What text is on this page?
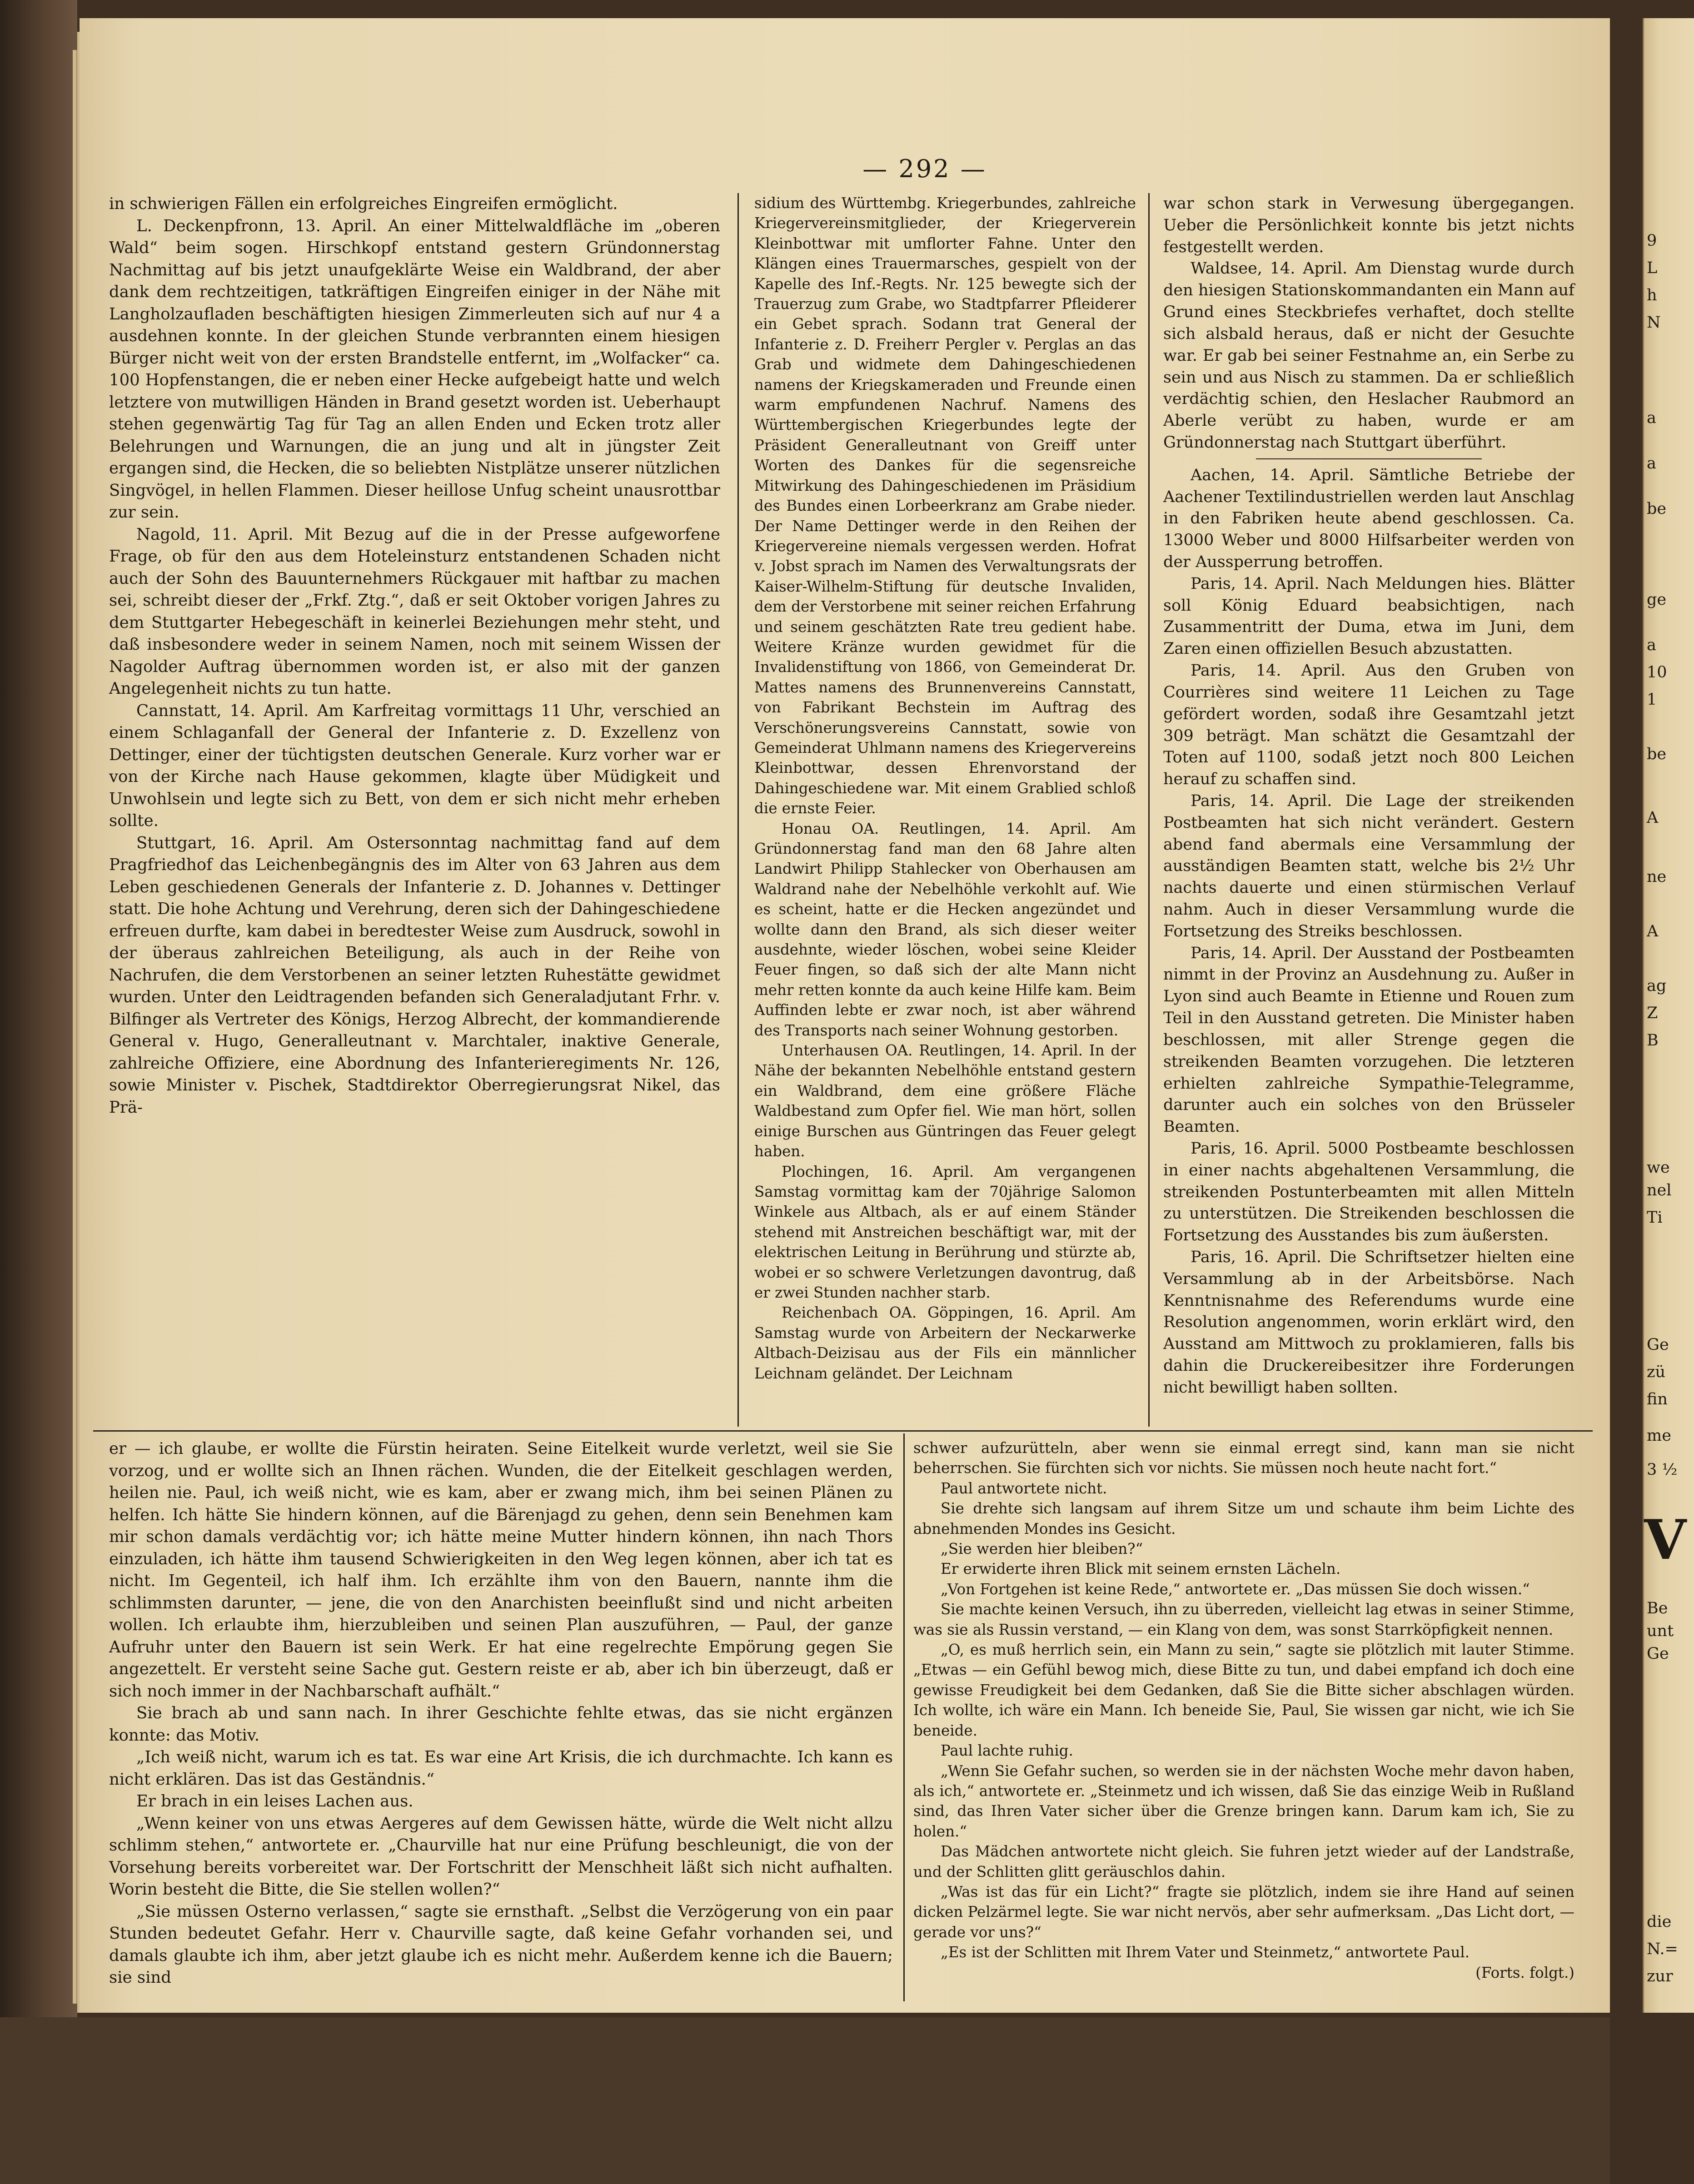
— 292 —

in schwierigen Fällen ein erfolgreiches Eingreifen ermöglicht.

L. Deckenpfronn, 13. April. An einer Mittelwaldfläche im „oberen Wald“ beim sogen. Hirschkopf entstand gestern Gründonnerstag Nachmittag auf bis jetzt unaufgeklärte Weise ein Waldbrand, der aber dank dem rechtzeitigen, tatkräftigen Eingreifen einiger in der Nähe mit Langholzaufladen beschäftigten hiesigen Zimmerleuten sich auf nur 4 a ausdehnen konnte. In der gleichen Stunde verbrannten einem hiesigen Bürger nicht weit von der ersten Brandstelle entfernt, im „Wolfacker“ ca. 100 Hopfenstangen, die er neben einer Hecke aufgebeigt hatte und welch letztere von mutwilligen Händen in Brand gesetzt worden ist. Ueberhaupt stehen gegenwärtig Tag für Tag an allen Enden und Ecken trotz aller Belehrungen und Warnungen, die an jung und alt in jüngster Zeit ergangen sind, die Hecken, die so beliebten Nistplätze unserer nützlichen Singvögel, in hellen Flammen. Dieser heillose Unfug scheint unausrottbar zur sein.

Nagold, 11. April. Mit Bezug auf die in der Presse aufgeworfene Frage, ob für den aus dem Hoteleinsturz entstandenen Schaden nicht auch der Sohn des Bauunternehmers Rückgauer mit haftbar zu machen sei, schreibt dieser der „Frkf. Ztg.“, daß er seit Oktober vorigen Jahres zu dem Stuttgarter Hebegeschäft in keinerlei Beziehungen mehr steht, und daß insbesondere weder in seinem Namen, noch mit seinem Wissen der Nagolder Auftrag übernommen worden ist, er also mit der ganzen Angelegenheit nichts zu tun hatte.

Cannstatt, 14. April. Am Karfreitag vormittags 11 Uhr, verschied an einem Schlaganfall der General der Infanterie z. D. Exzellenz von Dettinger, einer der tüchtigsten deutschen Generale. Kurz vorher war er von der Kirche nach Hause gekommen, klagte über Müdigkeit und Unwohlsein und legte sich zu Bett, von dem er sich nicht mehr erheben sollte.

Stuttgart, 16. April. Am Ostersonntag nachmittag fand auf dem Pragfriedhof das Leichenbegängnis des im Alter von 63 Jahren aus dem Leben geschiedenen Generals der Infanterie z. D. Johannes v. Dettinger statt. Die hohe Achtung und Verehrung, deren sich der Dahingeschiedene erfreuen durfte, kam dabei in beredtester Weise zum Ausdruck, sowohl in der überaus zahlreichen Beteiligung, als auch in der Reihe von Nachrufen, die dem Verstorbenen an seiner letzten Ruhestätte gewidmet wurden. Unter den Leidtragenden befanden sich Generaladjutant Frhr. v. Bilfinger als Vertreter des Königs, Herzog Albrecht, der kommandierende General v. Hugo, Generalleutnant v. Marchtaler, inaktive Generale, zahlreiche Offiziere, eine Abordnung des Infanterieregiments Nr. 126, sowie Minister v. Pischek, Stadtdirektor Oberregierungsrat Nikel, das Prä-

sidium des Württembg. Kriegerbundes, zahlreiche Kriegervereinsmitglieder, der Kriegerverein Kleinbottwar mit umflorter Fahne. Unter den Klängen eines Trauermarsches, gespielt von der Kapelle des Inf.-Regts. Nr. 125 bewegte sich der Trauerzug zum Grabe, wo Stadtpfarrer Pfleiderer ein Gebet sprach. Sodann trat General der Infanterie z. D. Freiherr Pergler v. Perglas an das Grab und widmete dem Dahingeschiedenen namens der Kriegskameraden und Freunde einen warm empfundenen Nachruf. Namens des Württembergischen Kriegerbundes legte der Präsident Generalleutnant von Greiff unter Worten des Dankes für die segensreiche Mitwirkung des Dahingeschiedenen im Präsidium des Bundes einen Lorbeerkranz am Grabe nieder. Der Name Dettinger werde in den Reihen der Kriegervereine niemals vergessen werden. Hofrat v. Jobst sprach im Namen des Verwaltungsrats der Kaiser-Wilhelm-Stiftung für deutsche Invaliden, dem der Verstorbene mit seiner reichen Erfahrung und seinem geschätzten Rate treu gedient habe. Weitere Kränze wurden gewidmet für die Invalidenstiftung von 1866, von Gemeinderat Dr. Mattes namens des Brunnenvereins Cannstatt, von Fabrikant Bechstein im Auftrag des Verschönerungsvereins Cannstatt, sowie von Gemeinderat Uhlmann namens des Kriegervereins Kleinbottwar, dessen Ehrenvorstand der Dahingeschiedene war. Mit einem Grablied schloß die ernste Feier.

Honau OA. Reutlingen, 14. April. Am Gründonnerstag fand man den 68 Jahre alten Landwirt Philipp Stahlecker von Oberhausen am Waldrand nahe der Nebelhöhle verkohlt auf. Wie es scheint, hatte er die Hecken angezündet und wollte dann den Brand, als sich dieser weiter ausdehnte, wieder löschen, wobei seine Kleider Feuer fingen, so daß sich der alte Mann nicht mehr retten konnte da auch keine Hilfe kam. Beim Auffinden lebte er zwar noch, ist aber während des Transports nach seiner Wohnung gestorben.

Unterhausen OA. Reutlingen, 14. April. In der Nähe der bekannten Nebelhöhle entstand gestern ein Waldbrand, dem eine größere Fläche Waldbestand zum Opfer fiel. Wie man hört, sollen einige Burschen aus Güntringen das Feuer gelegt haben.

Plochingen, 16. April. Am vergangenen Samstag vormittag kam der 70jährige Salomon Winkele aus Altbach, als er auf einem Ständer stehend mit Anstreichen beschäftigt war, mit der elektrischen Leitung in Berührung und stürzte ab, wobei er so schwere Verletzungen davontrug, daß er zwei Stunden nachher starb.

Reichenbach OA. Göppingen, 16. April. Am Samstag wurde von Arbeitern der Neckarwerke Altbach-Deizisau aus der Fils ein männlicher Leichnam geländet. Der Leichnam

war schon stark in Verwesung übergegangen. Ueber die Persönlichkeit konnte bis jetzt nichts festgestellt werden.

Waldsee, 14. April. Am Dienstag wurde durch den hiesigen Stationskommandanten ein Mann auf Grund eines Steckbriefes verhaftet, doch stellte sich alsbald heraus, daß er nicht der Gesuchte war. Er gab bei seiner Festnahme an, ein Serbe zu sein und aus Nisch zu stammen. Da er schließlich verdächtig schien, den Heslacher Raubmord an Aberle verübt zu haben, wurde er am Gründonnerstag nach Stuttgart überführt.

Aachen, 14. April. Sämtliche Betriebe der Aachener Textilindustriellen werden laut Anschlag in den Fabriken heute abend geschlossen. Ca. 13000 Weber und 8000 Hilfsarbeiter werden von der Aussperrung betroffen.

Paris, 14. April. Nach Meldungen hies. Blätter soll König Eduard beabsichtigen, nach Zusammentritt der Duma, etwa im Juni, dem Zaren einen offiziellen Besuch abzustatten.

Paris, 14. April. Aus den Gruben von Courrières sind weitere 11 Leichen zu Tage gefördert worden, sodaß ihre Gesamtzahl jetzt 309 beträgt. Man schätzt die Gesamtzahl der Toten auf 1100, sodaß jetzt noch 800 Leichen herauf zu schaffen sind.

Paris, 14. April. Die Lage der streikenden Postbeamten hat sich nicht verändert. Gestern abend fand abermals eine Versammlung der ausständigen Beamten statt, welche bis 2½ Uhr nachts dauerte und einen stürmischen Verlauf nahm. Auch in dieser Versammlung wurde die Fortsetzung des Streiks beschlossen.

Paris, 14. April. Der Ausstand der Postbeamten nimmt in der Provinz an Ausdehnung zu. Außer in Lyon sind auch Beamte in Etienne und Rouen zum Teil in den Ausstand getreten. Die Minister haben beschlossen, mit aller Strenge gegen die streikenden Beamten vorzugehen. Die letzteren erhielten zahlreiche Sympathie-Telegramme, darunter auch ein solches von den Brüsseler Beamten.

Paris, 16. April. 5000 Postbeamte beschlossen in einer nachts abgehaltenen Versammlung, die streikenden Postunterbeamten mit allen Mitteln zu unterstützen. Die Streikenden beschlossen die Fortsetzung des Ausstandes bis zum äußersten.

Paris, 16. April. Die Schriftsetzer hielten eine Versammlung ab in der Arbeitsbörse. Nach Kenntnisnahme des Referendums wurde eine Resolution angenommen, worin erklärt wird, den Ausstand am Mittwoch zu proklamieren, falls bis dahin die Druckereibesitzer ihre Forderungen nicht bewilligt haben sollten.

er — ich glaube, er wollte die Fürstin heiraten. Seine Eitelkeit wurde verletzt, weil sie Sie vorzog, und er wollte sich an Ihnen rächen. Wunden, die der Eitelkeit geschlagen werden, heilen nie. Paul, ich weiß nicht, wie es kam, aber er zwang mich, ihm bei seinen Plänen zu helfen. Ich hätte Sie hindern können, auf die Bärenjagd zu gehen, denn sein Benehmen kam mir schon damals verdächtig vor; ich hätte meine Mutter hindern können, ihn nach Thors einzuladen, ich hätte ihm tausend Schwierigkeiten in den Weg legen können, aber ich tat es nicht. Im Gegenteil, ich half ihm. Ich erzählte ihm von den Bauern, nannte ihm die schlimmsten darunter, — jene, die von den Anarchisten beeinflußt sind und nicht arbeiten wollen. Ich erlaubte ihm, hierzubleiben und seinen Plan auszuführen, — Paul, der ganze Aufruhr unter den Bauern ist sein Werk. Er hat eine regelrechte Empörung gegen Sie angezettelt. Er versteht seine Sache gut. Gestern reiste er ab, aber ich bin überzeugt, daß er sich noch immer in der Nachbarschaft aufhält.“

Sie brach ab und sann nach. In ihrer Geschichte fehlte etwas, das sie nicht ergänzen konnte: das Motiv.

„Ich weiß nicht, warum ich es tat. Es war eine Art Krisis, die ich durchmachte. Ich kann es nicht erklären. Das ist das Geständnis.“

Er brach in ein leises Lachen aus.

„Wenn keiner von uns etwas Aergeres auf dem Gewissen hätte, würde die Welt nicht allzu schlimm stehen,“ antwortete er. „Chaurville hat nur eine Prüfung beschleunigt, die von der Vorsehung bereits vorbereitet war. Der Fortschritt der Menschheit läßt sich nicht aufhalten. Worin besteht die Bitte, die Sie stellen wollen?“

„Sie müssen Osterno verlassen,“ sagte sie ernsthaft. „Selbst die Verzögerung von ein paar Stunden bedeutet Gefahr. Herr v. Chaurville sagte, daß keine Gefahr vorhanden sei, und damals glaubte ich ihm, aber jetzt glaube ich es nicht mehr. Außerdem kenne ich die Bauern; sie sind

schwer aufzurütteln, aber wenn sie einmal erregt sind, kann man sie nicht beherrschen. Sie fürchten sich vor nichts. Sie müssen noch heute nacht fort.“

Paul antwortete nicht.

Sie drehte sich langsam auf ihrem Sitze um und schaute ihm beim Lichte des abnehmenden Mondes ins Gesicht.

„Sie werden hier bleiben?“

Er erwiderte ihren Blick mit seinem ernsten Lächeln.

„Von Fortgehen ist keine Rede,“ antwortete er. „Das müssen Sie doch wissen.“

Sie machte keinen Versuch, ihn zu überreden, vielleicht lag etwas in seiner Stimme, was sie als Russin verstand, — ein Klang von dem, was sonst Starrköpfigkeit nennen.

„O, es muß herrlich sein, ein Mann zu sein,“ sagte sie plötzlich mit lauter Stimme. „Etwas — ein Gefühl bewog mich, diese Bitte zu tun, und dabei empfand ich doch eine gewisse Freudigkeit bei dem Gedanken, daß Sie die Bitte sicher abschlagen würden. Ich wollte, ich wäre ein Mann. Ich beneide Sie, Paul, Sie wissen gar nicht, wie ich Sie beneide.

Paul lachte ruhig.

„Wenn Sie Gefahr suchen, so werden sie in der nächsten Woche mehr davon haben, als ich,“ antwortete er. „Steinmetz und ich wissen, daß Sie das einzige Weib in Rußland sind, das Ihren Vater sicher über die Grenze bringen kann. Darum kam ich, Sie zu holen.“

Das Mädchen antwortete nicht gleich. Sie fuhren jetzt wieder auf der Landstraße, und der Schlitten glitt geräuschlos dahin.

„Was ist das für ein Licht?“ fragte sie plötzlich, indem sie ihre Hand auf seinen dicken Pelzärmel legte. Sie war nicht nervös, aber sehr aufmerksam. „Das Licht dort, — gerade vor uns?“

„Es ist der Schlitten mit Ihrem Vater und Steinmetz,“ antwortete Paul.

(Forts. folgt.)
V
9
L
h
N
a
a
be
ge
a
10
1
be
A
ne
A
ag
Z
B
we
nel
Ti
Ge
zü
fin
me
3 ½
Be
unt
Ge
die
N.=
zur
